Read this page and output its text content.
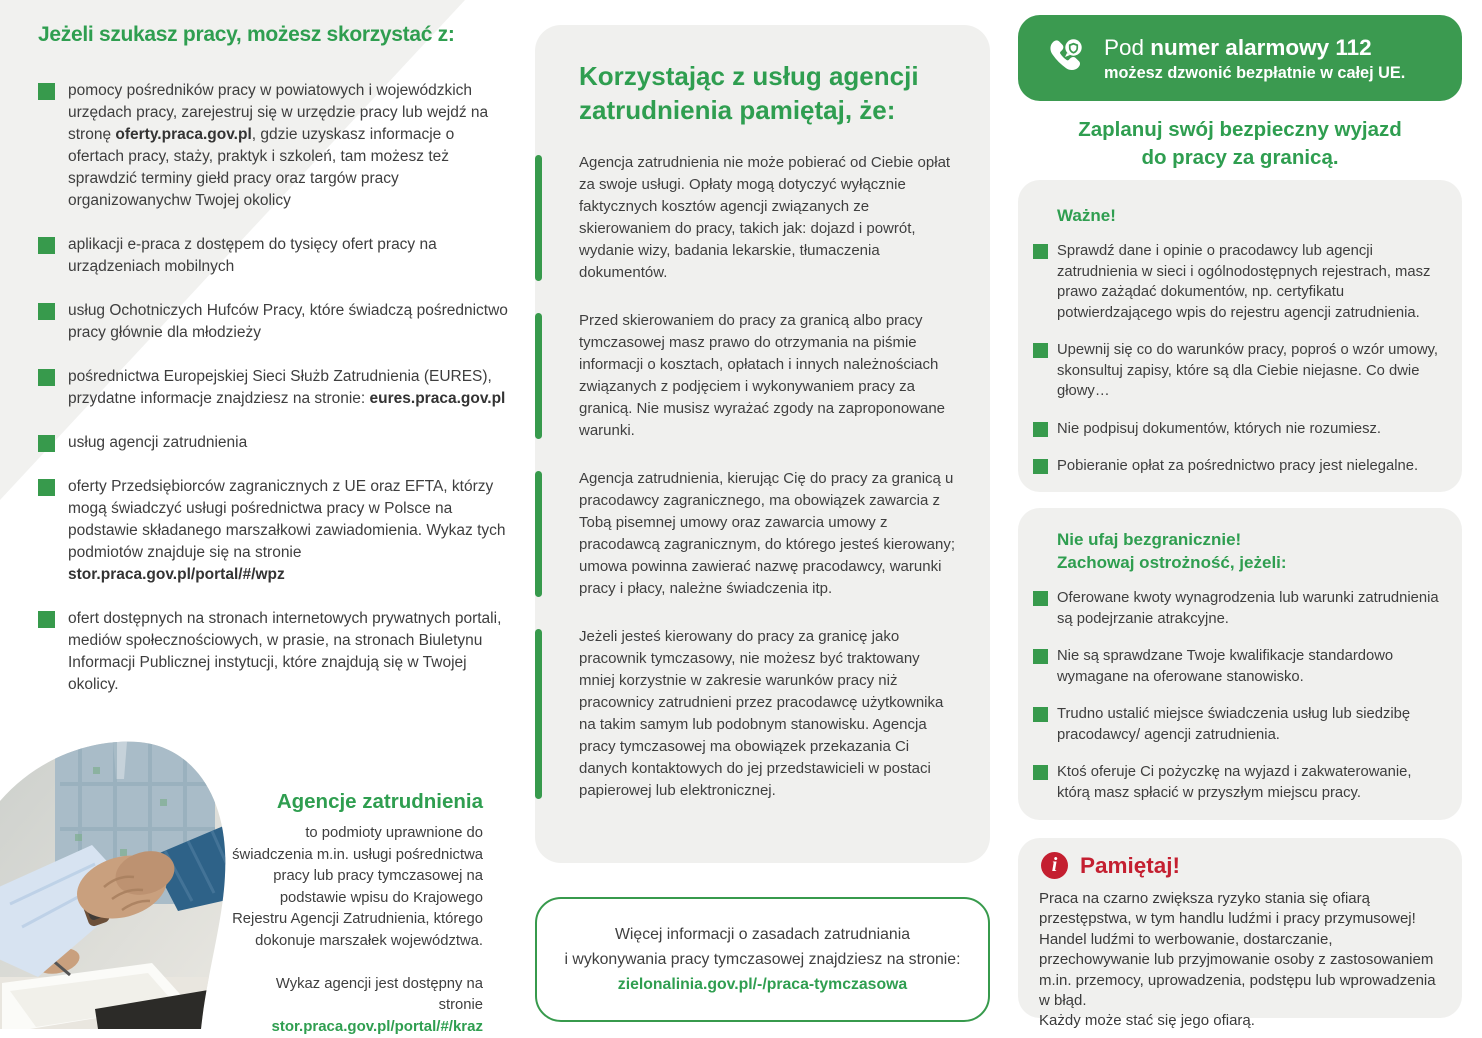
Jeżeli szukasz pracy, możesz skorzystać z:
pomocy pośredników pracy w powiatowych i wojewódzkich urzędach pracy, zarejestruj się w urzędzie pracy lub wejdź na stronę oferty.praca.gov.pl, gdzie uzyskasz informacje o ofertach pracy, staży, praktyk i szkoleń, tam możesz też sprawdzić terminy giełd pracy oraz targów pracy organizowanychw Twojej okolicy
aplikacji e-praca z dostępem do tysięcy ofert pracy na urządzeniach mobilnych
usług Ochotniczych Hufców Pracy, które świadczą pośrednictwo pracy głównie dla młodzieży
pośrednictwa Europejskiej Sieci Służb Zatrudnienia (EURES), przydatne informacje znajdziesz na stronie: eures.praca.gov.pl
usług agencji zatrudnienia
oferty Przedsiębiorców zagranicznych z UE oraz EFTA, którzy mogą świadczyć usługi pośrednictwa pracy w Polsce na podstawie składanego marszałkowi zawiadomienia. Wykaz tych podmiotów znajduje się na stronie stor.praca.gov.pl/portal/#/wpz
ofert dostępnych na stronach internetowych prywatnych portali, mediów społecznościowych, w prasie, na stronach Biuletynu Informacji Publicznej instytucji, które znajdują się w Twojej okolicy.
Agencje zatrudnienia
to podmioty uprawnione do świadczenia m.in. usługi pośrednictwa pracy lub pracy tymczasowej na podstawie wpisu do Krajowego Rejestru Agencji Zatrudnienia, którego dokonuje marszałek województwa.
Wykaz agencji jest dostępny na stronie
stor.praca.gov.pl/portal/#/kraz
Korzystając z usług agencji zatrudnienia pamiętaj, że:

Agencja zatrudnienia nie może pobierać od Ciebie opłat za swoje usługi. Opłaty mogą dotyczyć wyłącznie faktycznych kosztów agencji związanych ze skierowaniem do pracy, takich jak: dojazd i powrót, wydanie wizy, badania lekarskie, tłumaczenia dokumentów.

Przed skierowaniem do pracy za granicą albo pracy tymczasowej masz prawo do otrzymania na piśmie informacji o kosztach, opłatach i innych należnościach związanych z podjęciem i wykonywaniem pracy za granicą. Nie musisz wyrażać zgody na zaproponowane warunki.

Agencja zatrudnienia, kierując Cię do pracy za granicą u pracodawcy zagranicznego, ma obowiązek zawarcia z Tobą pisemnej umowy oraz zawarcia umowy z pracodawcą zagranicznym, do którego jesteś kierowany; umowa powinna zawierać nazwę pracodawcy, warunki pracy i płacy, należne świadczenia itp.

Jeżeli jesteś kierowany do pracy za granicę jako pracownik tymczasowy, nie możesz być traktowany mniej korzystnie w zakresie warunków pracy niż pracownicy zatrudnieni przez pracodawcę użytkownika na takim samym lub podobnym stanowisku. Agencja pracy tymczasowej ma obowiązek przekazania Ci danych kontaktowych do jej przedstawicieli w postaci papierowej lub elektronicznej.

Więcej informacji o zasadach zatrudniania
i wykonywania pracy tymczasowej znajdziesz na stronie:
zielonalinia.gov.pl/-/praca-tymczasowa
Pod numer alarmowy 112
możesz dzwonić bezpłatnie w całej UE.
Zaplanuj swój bezpieczny wyjazd
do pracy za granicą.
Ważne!
Sprawdź dane i opinie o pracodawcy lub agencji zatrudnienia w sieci i ogólnodostępnych rejestrach, masz prawo zażądać dokumentów, np. certyfikatu potwierdzającego wpis do rejestru agencji zatrudnienia.
Upewnij się co do warunków pracy, poproś o wzór umowy, skonsultuj zapisy, które są dla Ciebie niejasne. Co dwie głowy…
Nie podpisuj dokumentów, których nie rozumiesz.
Pobieranie opłat za pośrednictwo pracy jest nielegalne.
Nie ufaj bezgranicznie!
Zachowaj ostrożność, jeżeli:
Oferowane kwoty wynagrodzenia lub warunki zatrudnienia są podejrzanie atrakcyjne.
Nie są sprawdzane Twoje kwalifikacje standardowo wymagane na oferowane stanowisko.
Trudno ustalić miejsce świadczenia usług lub siedzibę pracodawcy/ agencji zatrudnienia.
Ktoś oferuje Ci pożyczkę na wyjazd i zakwaterowanie, którą masz spłacić w przyszłym miejscu pracy.
i	Pamiętaj!
Praca na czarno zwiększa ryzyko stania się ofiarą przestępstwa, w tym handlu ludźmi i pracy przymusowej! Handel ludźmi to werbowanie, dostarczanie, przechowywanie lub przyjmowanie osoby z zastosowaniem m.in. przemocy, uprowadzenia, podstępu lub wprowadzenia w błąd.
Każdy może stać się jego ofiarą.
